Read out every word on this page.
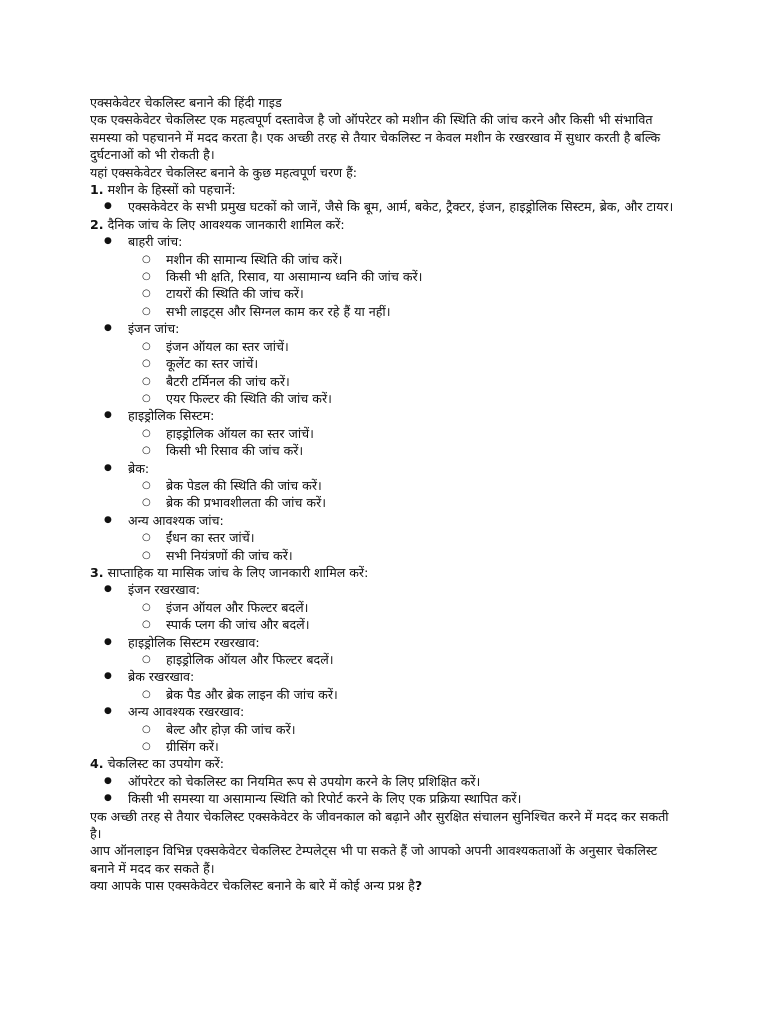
एक्सकेवेटर चेकलिस्ट बनाने की हिंदी गाइड

एक एक्सकेवेटर चेकलिस्ट एक महत्वपूर्ण दस्तावेज है जो ऑपरेटर को मशीन की स्थिति की जांच करने और किसी भी संभावित समस्या को पहचानने में मदद करता है। एक अच्छी तरह से तैयार चेकलिस्ट न केवल मशीन के रखरखाव में सुधार करती है बल्कि दुर्घटनाओं को भी रोकती है।

यहां एक्सकेवेटर चेकलिस्ट बनाने के कुछ महत्वपूर्ण चरण हैं:

1. मशीन के हिस्सों को पहचानें:

● एक्सकेवेटर के सभी प्रमुख घटकों को जानें, जैसे कि बूम, आर्म, बकेट, ट्रैक्टर, इंजन, हाइड्रोलिक सिस्टम, ब्रेक, और टायर।

2. दैनिक जांच के लिए आवश्यक जानकारी शामिल करें:

● बाहरी जांच:
○ मशीन की सामान्य स्थिति की जांच करें।
○ किसी भी क्षति, रिसाव, या असामान्य ध्वनि की जांच करें।
○ टायरों की स्थिति की जांच करें।
○ सभी लाइट्स और सिग्नल काम कर रहे हैं या नहीं।
● इंजन जांच:
○ इंजन ऑयल का स्तर जांचें।
○ कूलेंट का स्तर जांचें।
○ बैटरी टर्मिनल की जांच करें।
○ एयर फिल्टर की स्थिति की जांच करें।
● हाइड्रोलिक सिस्टम:
○ हाइड्रोलिक ऑयल का स्तर जांचें।
○ किसी भी रिसाव की जांच करें।
● ब्रेक:
○ ब्रेक पेडल की स्थिति की जांच करें।
○ ब्रेक की प्रभावशीलता की जांच करें।
● अन्य आवश्यक जांच:
○ ईंधन का स्तर जांचें।
○ सभी नियंत्रणों की जांच करें।

3. साप्ताहिक या मासिक जांच के लिए जानकारी शामिल करें:

● इंजन रखरखाव:
○ इंजन ऑयल और फिल्टर बदलें।
○ स्पार्क प्लग की जांच और बदलें।
● हाइड्रोलिक सिस्टम रखरखाव:
○ हाइड्रोलिक ऑयल और फिल्टर बदलें।
● ब्रेक रखरखाव:
○ ब्रेक पैड और ब्रेक लाइन की जांच करें।
● अन्य आवश्यक रखरखाव:
○ बेल्ट और होज़ की जांच करें।
○ ग्रीसिंग करें।

4. चेकलिस्ट का उपयोग करें:

● ऑपरेटर को चेकलिस्ट का नियमित रूप से उपयोग करने के लिए प्रशिक्षित करें।
● किसी भी समस्या या असामान्य स्थिति को रिपोर्ट करने के लिए एक प्रक्रिया स्थापित करें।

एक अच्छी तरह से तैयार चेकलिस्ट एक्सकेवेटर के जीवनकाल को बढ़ाने और सुरक्षित संचालन सुनिश्चित करने में मदद कर सकती है।

आप ऑनलाइन विभिन्न एक्सकेवेटर चेकलिस्ट टेम्पलेट्स भी पा सकते हैं जो आपको अपनी आवश्यकताओं के अनुसार चेकलिस्ट बनाने में मदद कर सकते हैं।

क्या आपके पास एक्सकेवेटर चेकलिस्ट बनाने के बारे में कोई अन्य प्रश्न है?
